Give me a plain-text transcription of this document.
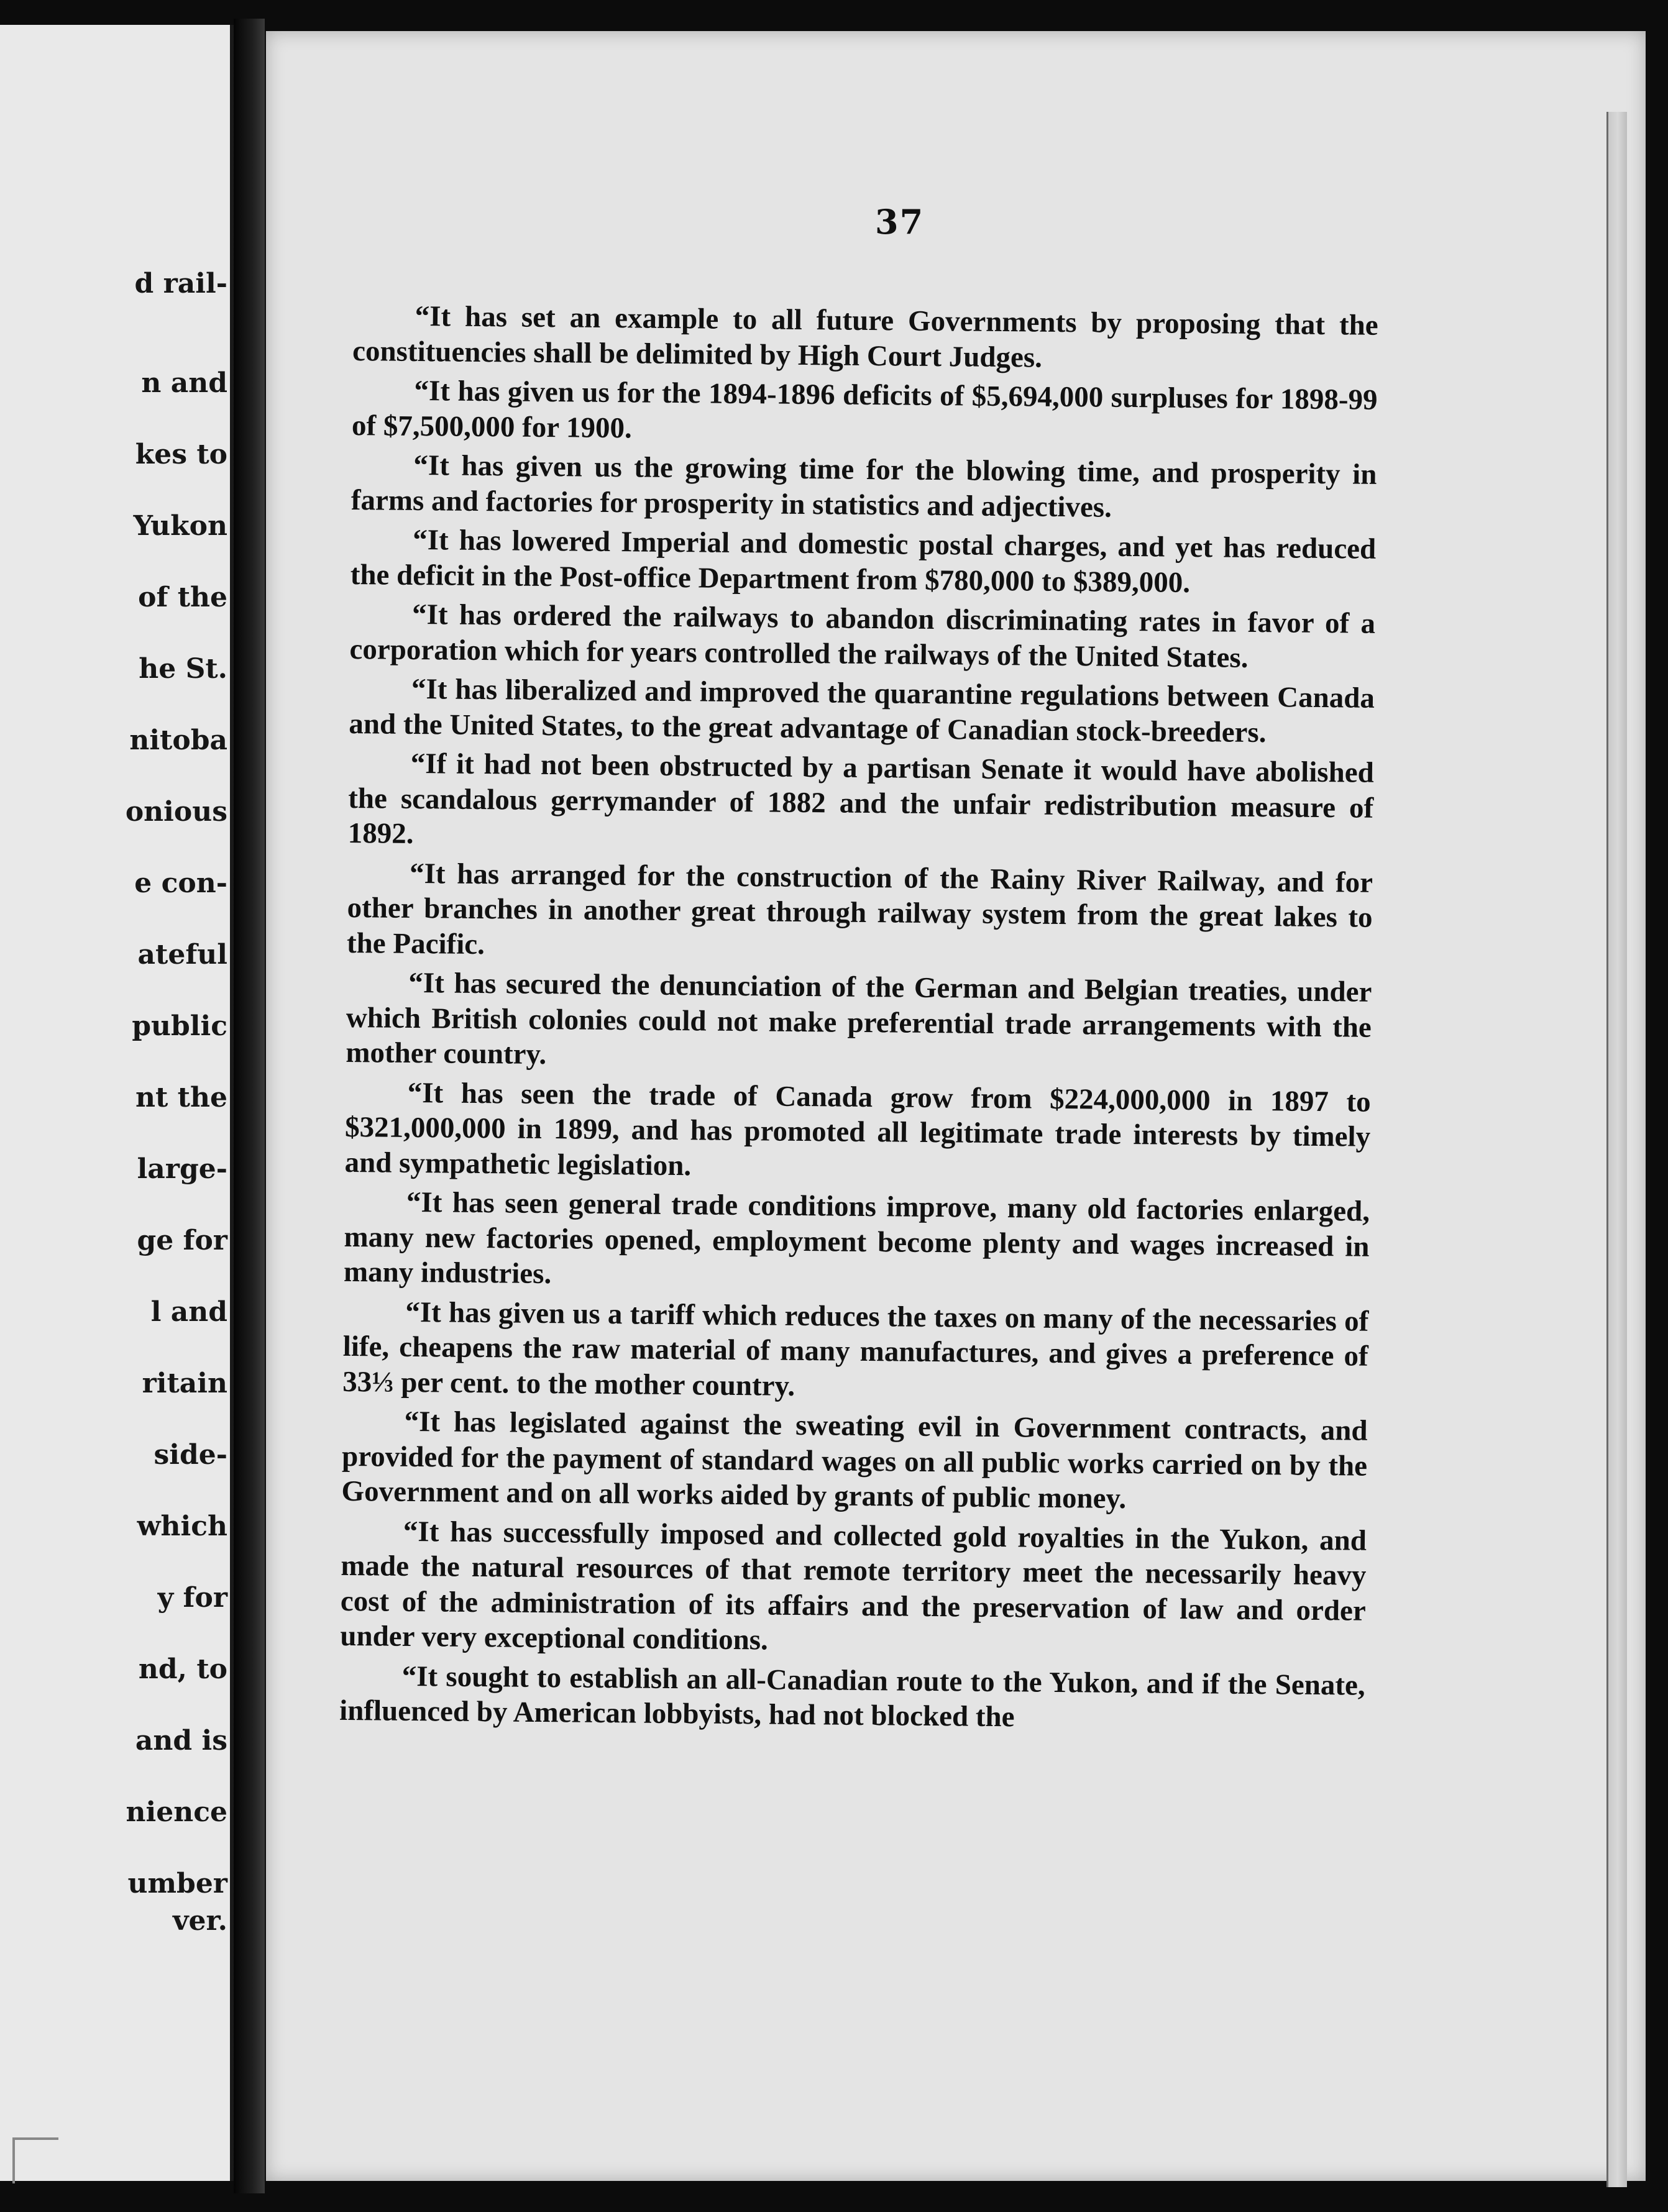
d rail-
n and
kes to
Yukon
of the
he St.
nitoba
onious
e con-
ateful
public
nt the
large-
ge for
l and
ritain
side-
which
y for
nd, to
and is
nience
umber
ver.
37

“It has set an example to all future Governments by proposing that the constituencies shall be delimited by High Court Judges.

“It has given us for the 1894-1896 deficits of $5,694,000 surpluses for 1898-99 of $7,500,000 for 1900.

“It has given us the growing time for the blowing time, and prosperity in farms and factories for prosperity in statistics and adjectives.

“It has lowered Imperial and domestic postal charges, and yet has reduced the deficit in the Post-office Department from $780,000 to $389,000.

“It has ordered the railways to abandon discriminating rates in favor of a corporation which for years controlled the railways of the United States.

“It has liberalized and improved the quarantine regulations between Canada and the United States, to the great advantage of Canadian stock-breeders.

“If it had not been obstructed by a partisan Senate it would have abolished the scandalous gerrymander of 1882 and the unfair redistribution measure of 1892.

“It has arranged for the construction of the Rainy River Railway, and for other branches in another great through railway system from the great lakes to the Pacific.

“It has secured the denunciation of the German and Belgian treaties, under which British colonies could not make preferential trade arrangements with the mother country.

“It has seen the trade of Canada grow from $224,000,000 in 1897 to $321,000,000 in 1899, and has promoted all legitimate trade interests by timely and sympathetic legislation.

“It has seen general trade conditions improve, many old factories enlarged, many new factories opened, employment become plenty and wages increased in many industries.

“It has given us a tariff which reduces the taxes on many of the necessaries of life, cheapens the raw material of many manufactures, and gives a preference of 33⅓ per cent. to the mother country.

“It has legislated against the sweating evil in Government contracts, and provided for the payment of standard wages on all public works carried on by the Government and on all works aided by grants of public money.

“It has successfully imposed and collected gold royalties in the Yukon, and made the natural resources of that remote territory meet the necessarily heavy cost of the administration of its affairs and the preservation of law and order under very exceptional conditions.

“It sought to establish an all-Canadian route to the Yukon, and if the Senate, influenced by American lobbyists, had not blocked the
